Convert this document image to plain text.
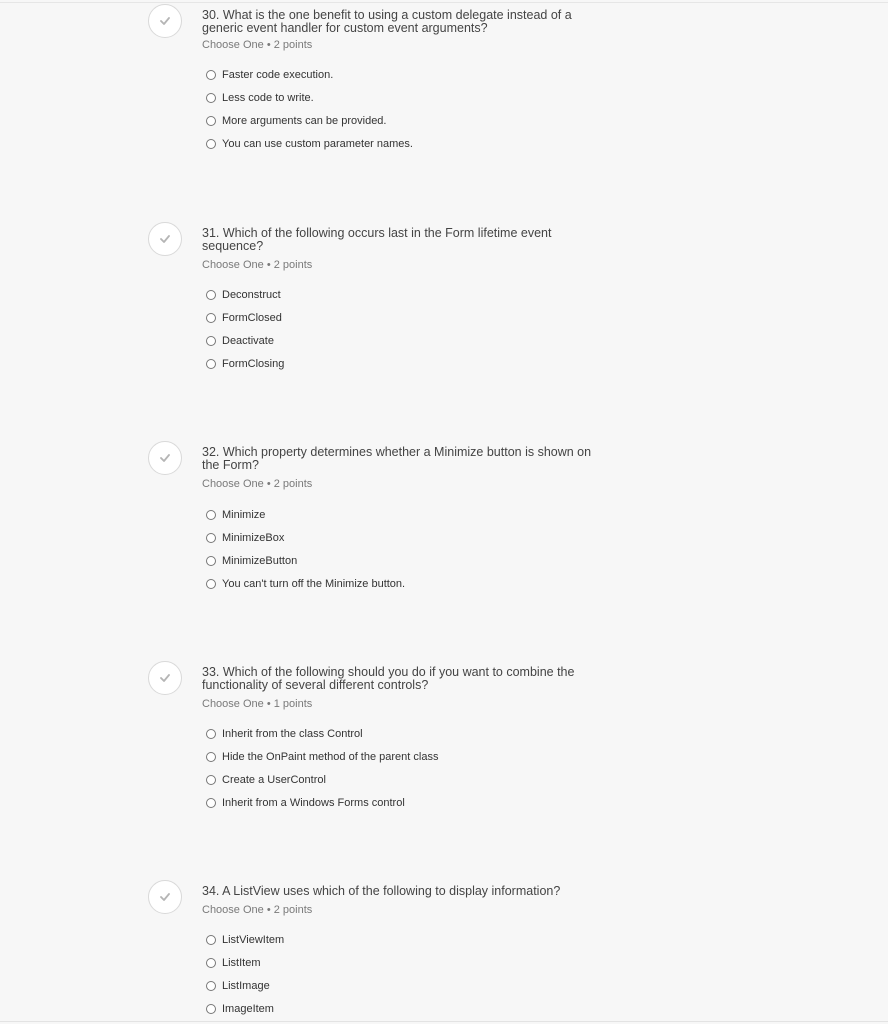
30. What is the one benefit to using a custom delegate instead of a generic event handler for custom event arguments?
Choose One • 2 points
Faster code execution.
Less code to write.
More arguments can be provided.
You can use custom parameter names.
31. Which of the following occurs last in the Form lifetime event sequence?
Choose One • 2 points
Deconstruct
FormClosed
Deactivate
FormClosing
32. Which property determines whether a Minimize button is shown on the Form?
Choose One • 2 points
Minimize
MinimizeBox
MinimizeButton
You can't turn off the Minimize button.
33. Which of the following should you do if you want to combine the functionality of several different controls?
Choose One • 1 points
Inherit from the class Control
Hide the OnPaint method of the parent class
Create a UserControl
Inherit from a Windows Forms control
34. A ListView uses which of the following to display information?
Choose One • 2 points
ListViewItem
ListItem
ListImage
ImageItem
